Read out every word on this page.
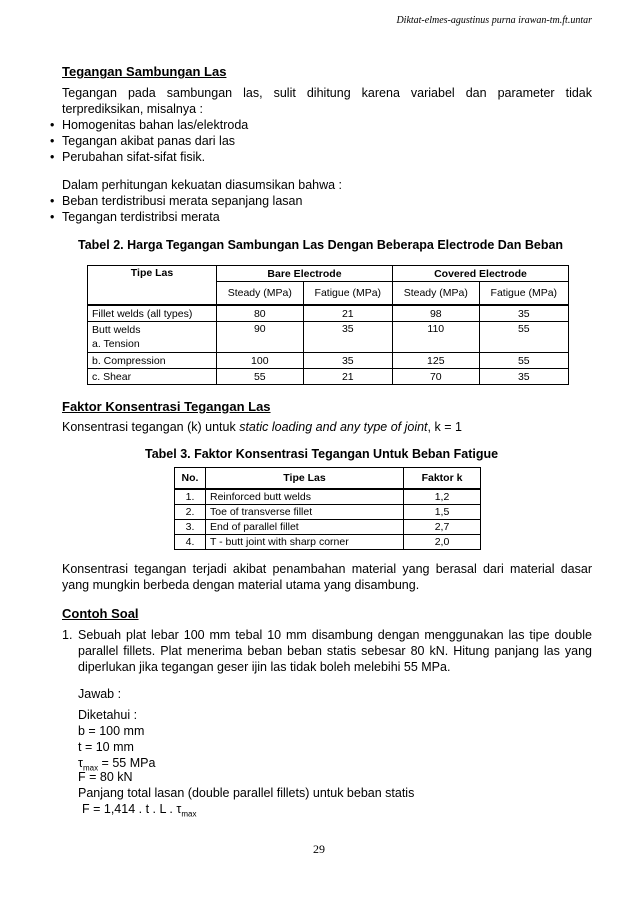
Diktat-elmes-agustinus purna irawan-tm.ft.untar
Tegangan Sambungan Las
Tegangan pada sambungan las, sulit dihitung karena variabel dan parameter tidak terprediksikan, misalnya :
• Homogenitas bahan las/elektroda
• Tegangan akibat panas dari las
• Perubahan sifat-sifat fisik.
Dalam perhitungan kekuatan diasumsikan bahwa :
• Beban terdistribusi merata sepanjang lasan
• Tegangan terdistribsi merata
Tabel 2. Harga Tegangan Sambungan Las Dengan Beberapa Electrode Dan Beban
Tipe Las	Bare Electrode		Covered Electrode	
	Steady (MPa)	Fatigue (MPa)	Steady (MPa)	Fatigue (MPa)
Fillet welds (all types)	80	21	98	35
Butt welds
a. Tension	90	35	110	55
b. Compression	100	35	125	55
c. Shear	55	21	70	35
Faktor Konsentrasi Tegangan Las
Konsentrasi tegangan (k) untuk static loading and any type of joint, k = 1
Tabel 3. Faktor Konsentrasi Tegangan Untuk Beban Fatigue
No.	Tipe Las	Faktor k
1.	Reinforced butt welds	1,2
2.	Toe of transverse fillet	1,5
3.	End of parallel fillet	2,7
4.	T - butt joint with sharp corner	2,0
Konsentrasi tegangan terjadi akibat penambahan material yang berasal dari material dasar yang mungkin berbeda dengan material utama yang disambung.
Contoh Soal
1. Sebuah plat lebar 100 mm tebal 10 mm disambung dengan menggunakan las tipe double parallel fillets. Plat menerima beban beban statis sebesar 80 kN. Hitung panjang las yang diperlukan jika tegangan geser ijin las tidak boleh melebihi 55 MPa.
Jawab :
Diketahui :
b = 100 mm
t = 10 mm
$\tau_{max} = 55$ MPa
F = 80 kN
Panjang total lasan (double parallel fillets) untuk beban statis
F = 1,414 . t . L . $\tau_{max}$
29
